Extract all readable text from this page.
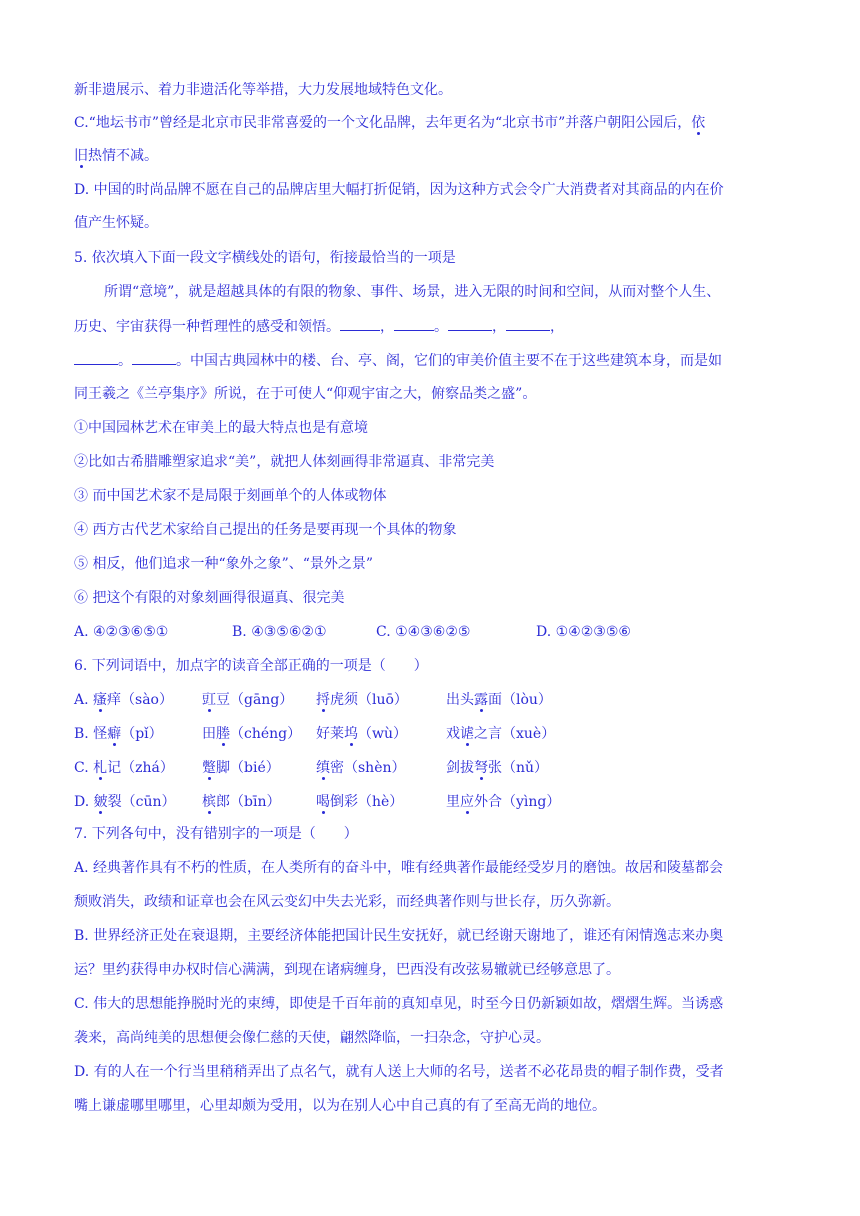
新非遗展示、着力非遗活化等举措，大力发展地域特色文化。
C.“地坛书市”曾经是北京市民非常喜爱的一个文化品牌，去年更名为“北京书市”并落户朝阳公园后，依
旧热情不减。
D. 中国的时尚品牌不愿在自己的品牌店里大幅打折促销，因为这种方式会令广大消费者对其商品的内在价
值产生怀疑。
5. 依次填入下面一段文字横线处的语句，衔接最恰当的一项是
所谓“意境”，就是超越具体的有限的物象、事件、场景，进入无限的时间和空间，从而对整个人生、
历史、宇宙获得一种哲理性的感受和领悟。	，	。	，	，
。	。中国古典园林中的楼、台、亭、阁，它们的审美价值主要不在于这些建筑本身，而是如
同王羲之《兰亭集序》所说，在于可使人“仰观宇宙之大，俯察品类之盛”。
①中国园林艺术在审美上的最大特点也是有意境
②比如古希腊雕塑家追求“美”，就把人体刻画得非常逼真、非常完美
③ 而中国艺术家不是局限于刻画单个的人体或物体
④ 西方古代艺术家给自己提出的任务是要再现一个具体的物象
⑤ 相反，他们追求一种“象外之象”、“景外之景”
⑥ 把这个有限的对象刻画得很逼真、很完美
A. ④②③⑥⑤①	B. ④③⑤⑥②①	C. ①④③⑥②⑤	D. ①④②③⑤⑥
6. 下列词语中，加点字的读音全部正确的一项是（　　）
A. 瘙痒（sào） 豇豆（gāng） 捋虎须（luō）	出头露面（lòu）
B. 怪癖（pǐ）	田塍（chéng） 好莱坞（wù）	戏谑之言（xuè）
C. 札记（zhá） 蹩脚（bié）	缜密（shèn）	剑拔弩张（nǔ）
D. 皴裂（cūn） 槟郎（bīn）	喝倒彩（hè）	里应外合（yìng）
7. 下列各句中，没有错别字的一项是（　　）
A. 经典著作具有不朽的性质，在人类所有的奋斗中，唯有经典著作最能经受岁月的磨蚀。故居和陵墓都会
颓败消失，政绩和证章也会在风云变幻中失去光彩，而经典著作则与世长存，历久弥新。
B. 世界经济正处在衰退期，主要经济体能把国计民生安抚好，就已经谢天谢地了，谁还有闲情逸志来办奥
运？里约获得申办权时信心满满，到现在诸病缠身，巴西没有改弦易辙就已经够意思了。
C. 伟大的思想能挣脱时光的束缚，即使是千百年前的真知卓见，时至今日仍新颖如故，熠熠生辉。当诱惑
袭来，高尚纯美的思想便会像仁慈的天使，翩然降临，一扫杂念，守护心灵。
D. 有的人在一个行当里稍稍弄出了点名气，就有人送上大师的名号，送者不必花昂贵的帽子制作费，受者
嘴上谦虚哪里哪里，心里却颇为受用，以为在别人心中自己真的有了至高无尚的地位。
